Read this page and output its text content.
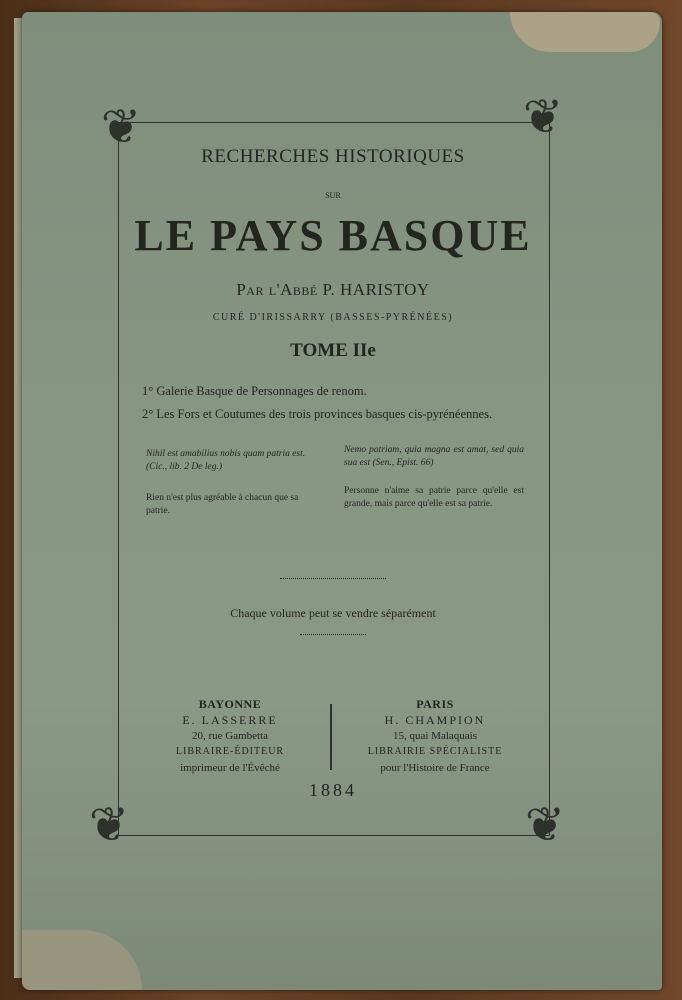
❦	❦
❦	❦
RECHERCHES HISTORIQUES
SUR
LE PAYS BASQUE
Par l'Abbé P. HARISTOY
CURÉ D'IRISSARRY (BASSES-PYRÉNÉES)
TOME IIe
1° Galerie Basque de Personnages de renom.
2° Les Fors et Coutumes des trois provinces basques cis-pyrénéennes.
Nihil est amabilius nobis quam patria est. (Cic., lib. 2 De leg.)
Nemo patriam, quia magna est amat, sed quia sua est (Sen., Epist. 66)
Rien n'est plus agréable à chacun que sa patrie.
Personne n'aime sa patrie parce qu'elle est grande, mais parce qu'elle est sa patrie.
Chaque volume peut se vendre séparément
BAYONNE
E. LASSERRE
20, rue Gambetta
LIBRAIRE-ÉDITEUR
imprimeur de l'Évêché
PARIS
H. CHAMPION
15, quai Malaquais
LIBRAIRIE SPÉCIALISTE
pour l'Histoire de France
1884
